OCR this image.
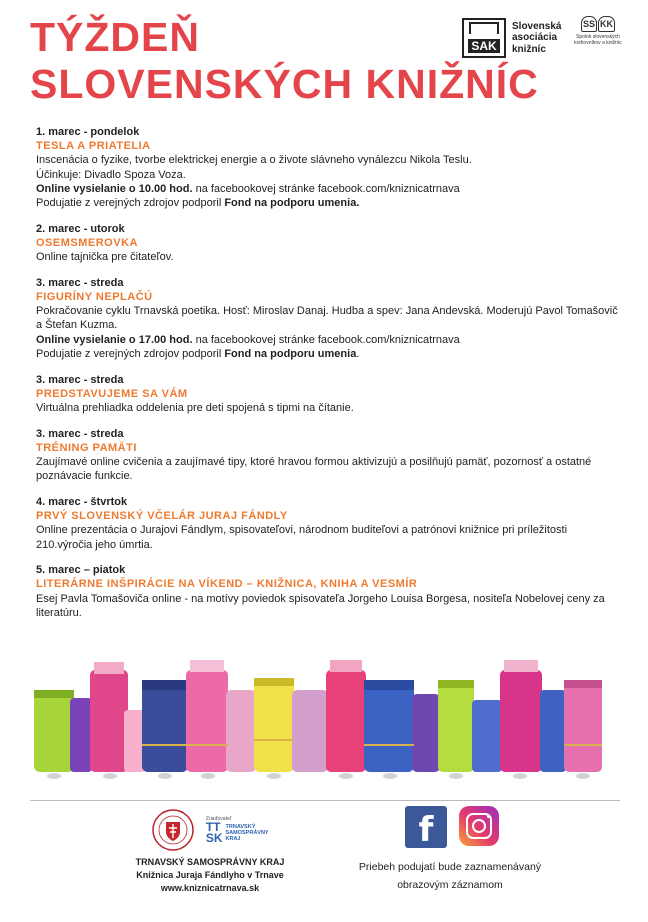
TÝŽDEŇ
SLOVENSKÝCH KNIŽNÍC
SAK
Slovenská
asociácia
knižníc
SS KK
Spolok slovenských
knihovníkov a knižníc

1. marec - pondelok

TESLA A PRIATELIA

Inscenácia o fyzike, tvorbe elektrickej energie a o živote slávneho vynálezcu Nikola Teslu.

Účinkuje: Divadlo Spoza Voza.

Online vysielanie o 10.00 hod. na facebookovej stránke facebook.com/kniznicatrnava

Podujatie z verejných zdrojov podporil Fond na podporu umenia.

2. marec - utorok

OSEMSMEROVKA

Online tajnička pre čitateľov.

3. marec - streda

FIGURÍNY NEPLAČÚ

Pokračovanie cyklu Trnavská poetika. Hosť: Miroslav Danaj. Hudba a spev: Jana Andevská. Moderujú Pavol Tomašovič a Štefan Kuzma.

Online vysielanie o 17.00 hod. na facebookovej stránke facebook.com/kniznicatrnava

Podujatie z verejných zdrojov podporil Fond na podporu umenia.

3. marec - streda

PREDSTAVUJEME SA VÁM

Virtuálna prehliadka oddelenia pre deti spojená s tipmi na čítanie.

3. marec - streda

TRÉNING PAMÄTI

Zaujímavé online cvičenia a zaujímavé tipy, ktoré hravou formou aktivizujú a posilňujú pamäť, pozornosť a ostatné poznávacie funkcie.

4. marec - štvrtok

PRVÝ SLOVENSKÝ VČELÁR JURAJ FÁNDLY

Online prezentácia o Jurajovi Fándlym, spisovateľovi, národnom buditeľovi a patrónovi knižnice pri príležitosti 210.výročia jeho úmrtia.

5. marec – piatok

LITERÁRNE INŠPIRÁCIE NA VÍKEND – KNIŽNICA, KNIHA A VESMÍR

Esej Pavla Tomašoviča online - na motívy poviedok spisovateľa Jorgeho Louisa Borgesa, nositeľa Nobelovej ceny za literatúru.

Zriaďovateľ
TT
SK
TRNAVSKÝ
SAMOSPRÁVNY
KRAJ
TRNAVSKÝ SAMOSPRÁVNY KRAJ
Knižnica Juraja Fándlyho v Trnave
www.kniznicatrnava.sk
f
Priebeh podujatí bude zaznamenávaný obrazovým záznamom
